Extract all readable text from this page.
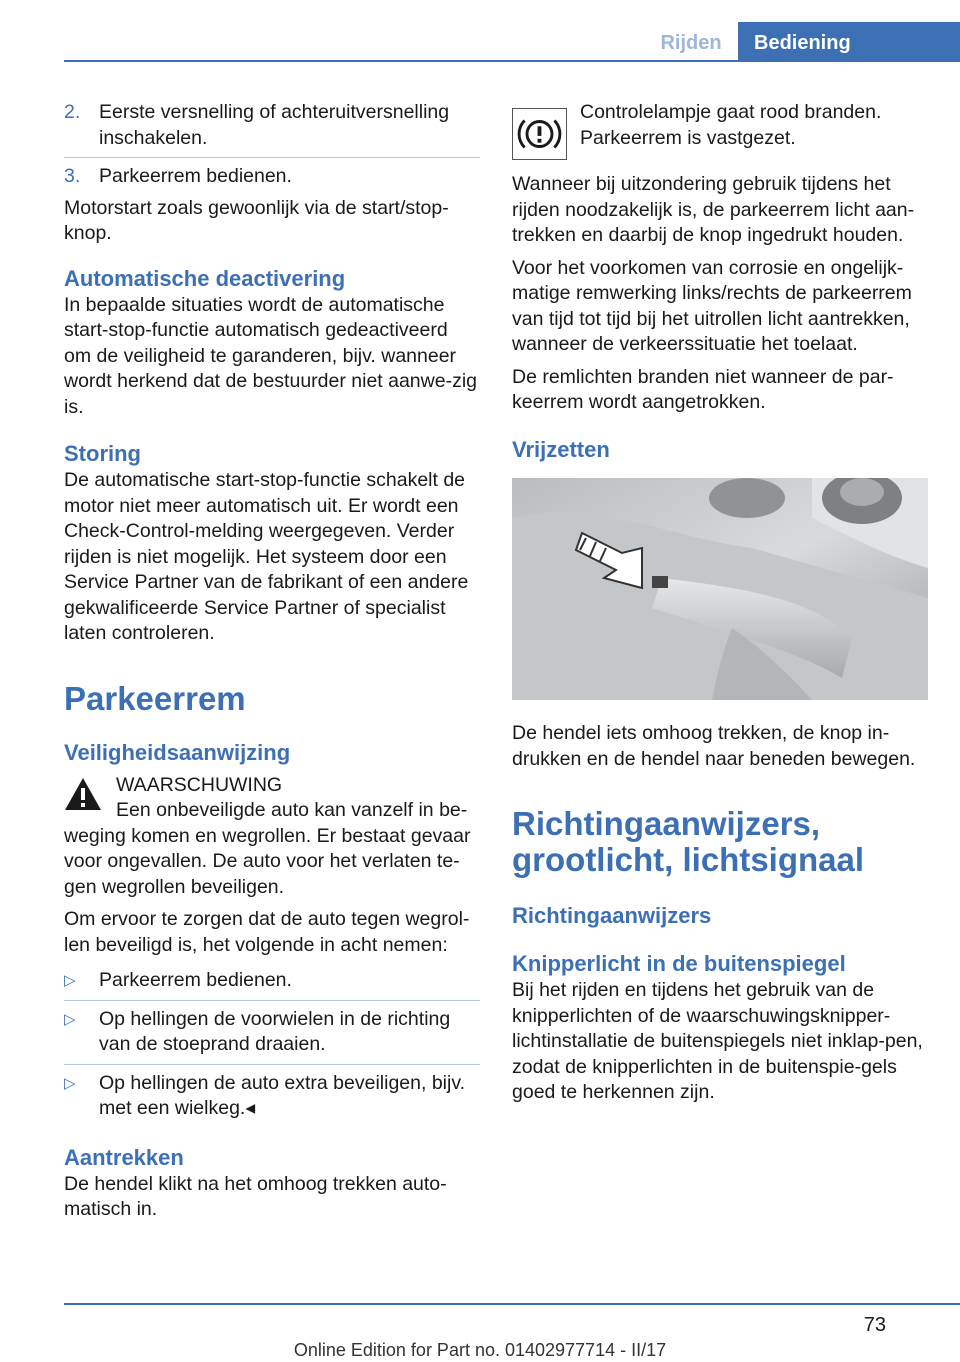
Rijden	Bediening
2. Eerste versnelling of achteruitversnelling inschakelen.
3. Parkeerrem bedienen.

Motorstart zoals gewoonlijk via de start/stop-knop.

Automatische deactivering

In bepaalde situaties wordt de automatische start-stop-functie automatisch gedeactiveerd om de veiligheid te garanderen, bijv. wanneer wordt herkend dat de bestuurder niet aanwe-zig is.

Storing

De automatische start-stop-functie schakelt de motor niet meer automatisch uit. Er wordt een Check-Control-melding weergegeven. Verder rijden is niet mogelijk. Het systeem door een Service Partner van de fabrikant of een andere gekwalificeerde Service Partner of specialist laten controleren.

Parkeerrem
Veiligheidsaanwijzing
WAARSCHUWING

Een onbeveiligde auto kan vanzelf in be-weging komen en wegrollen. Er bestaat gevaar voor ongevallen. De auto voor het verlaten te-gen wegrollen beveiligen.

Om ervoor te zorgen dat de auto tegen wegrol-len beveiligd is, het volgende in acht nemen:

▷ Parkeerrem bedienen.
▷ Op hellingen de voorwielen in de richting van de stoeprand draaien.
▷ Op hellingen de auto extra beveiligen, bijv. met een wielkeg.◂
Aantrekken

De hendel klikt na het omhoog trekken auto-matisch in.

Controlelampje gaat rood branden. Parkeerrem is vastgezet.

Wanneer bij uitzondering gebruik tijdens het rijden noodzakelijk is, de parkeerrem licht aan-trekken en daarbij de knop ingedrukt houden.

Voor het voorkomen van corrosie en ongelijk-matige remwerking links/rechts de parkeerrem van tijd tot tijd bij het uitrollen licht aantrekken, wanneer de verkeerssituatie het toelaat.

De remlichten branden niet wanneer de par-keerrem wordt aangetrokken.

Vrijzetten

De hendel iets omhoog trekken, de knop in-drukken en de hendel naar beneden bewegen.

Richtingaanwijzers, grootlicht, lichtsignaal
Richtingaanwijzers
Knipperlicht in de buitenspiegel

Bij het rijden en tijdens het gebruik van de knipperlichten of de waarschuwingsknipper-lichtinstallatie de buitenspiegels niet inklap-pen, zodat de knipperlichten in de buitenspie-gels goed te herkennen zijn.

73
Online Edition for Part no. 01402977714 - II/17
